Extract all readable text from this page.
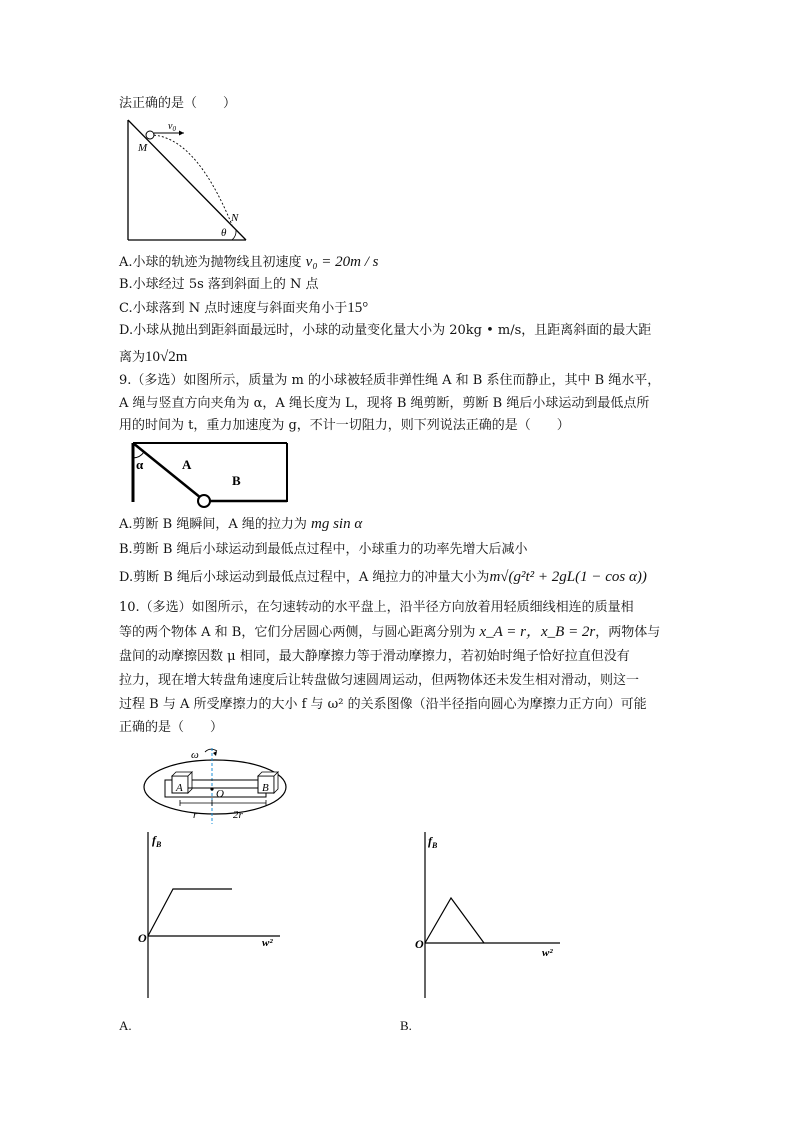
法正确的是（　　）
$v_0$
M
N
θ
A.小球的轨迹为抛物线且初速度 v₀ = 20m / s
B.小球经过 5s 落到斜面上的 N 点
C.小球落到 N 点时速度与斜面夹角小于15°
D.小球从抛出到距斜面最远时，小球的动量变化量大小为 20kg • m/s，且距离斜面的最大距
离为10√2m
9.（多选）如图所示，质量为 m 的小球被轻质非弹性绳 A 和 B 系住而静止，其中 B 绳水平，
A 绳与竖直方向夹角为 α，A 绳长度为 L，现将 B 绳剪断，剪断 B 绳后小球运动到最低点所
用的时间为 t，重力加速度为 g，不计一切阻力，则下列说法正确的是（　　）
α	A
B
A.剪断 B 绳瞬间，A 绳的拉力为 mg sin α
B.剪断 B 绳后小球运动到最低点过程中，小球重力的功率先增大后减小
D.剪断 B 绳后小球运动到最低点过程中，A 绳拉力的冲量大小为m√(g²t² + 2gL(1 − cos α))
10.（多选）如图所示，在匀速转动的水平盘上，沿半径方向放着用轻质细线相连的质量相
等的两个物体 A 和 B，它们分居圆心两侧，与圆心距离分别为 x_A = r，x_B = 2r，两物体与
盘间的动摩擦因数 μ 相同，最大静摩擦力等于滑动摩擦力，若初始时绳子恰好拉直但没有
拉力，现在增大转盘角速度后让转盘做匀速圆周运动，但两物体还未发生相对滑动，则这一
过程 B 与 A 所受摩擦力的大小 f 与 ω² 的关系图像（沿半径指向圆心为摩擦力正方向）可能
正确的是（　　）
ω
A	B
O
r	2r
$f_B$
O	w²
A.
$f_B$
O
w²
B.
